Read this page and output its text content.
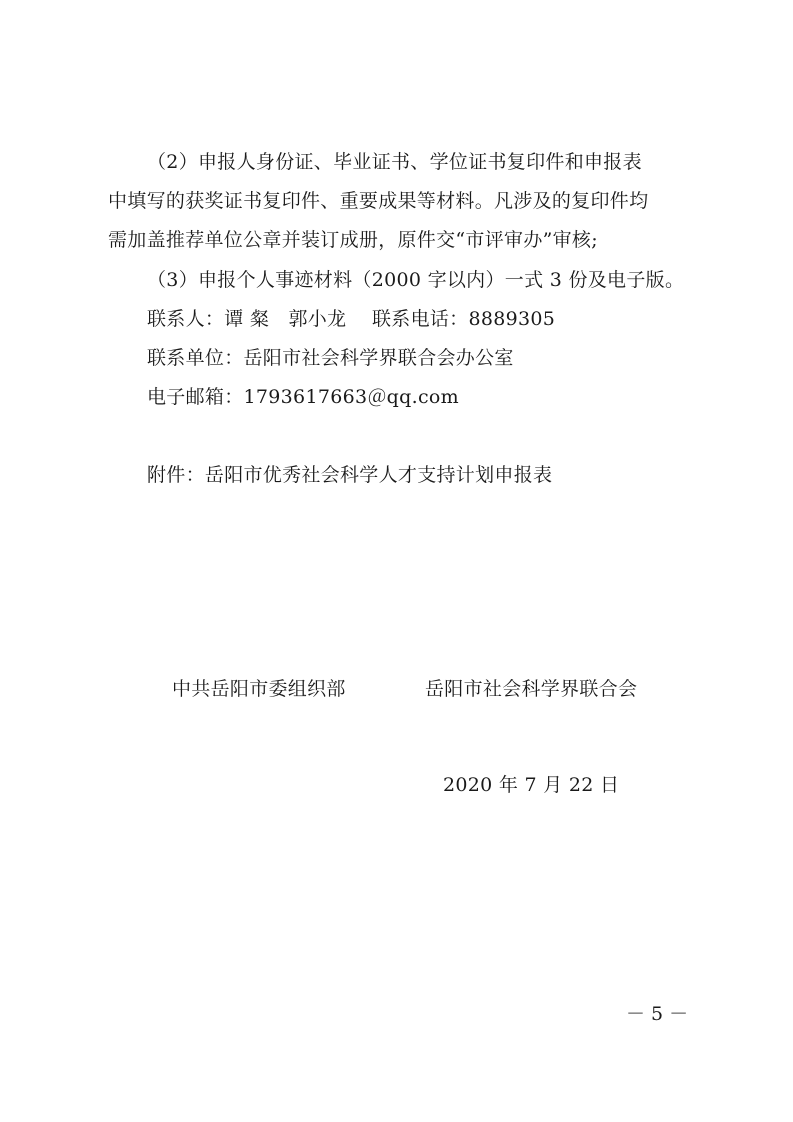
（2）申报人身份证、毕业证书、学位证书复印件和申报表
中填写的获奖证书复印件、重要成果等材料。凡涉及的复印件均
需加盖推荐单位公章并装订成册，原件交“市评审办”审核;
（3）申报个人事迹材料（2000 字以内）一式 3 份及电子版。
联系人：谭 粲　郭小龙　 联系电话：8889305
联系单位：岳阳市社会科学界联合会办公室
电子邮箱：1793617663＠qq.com
附件：岳阳市优秀社会科学人才支持计划申报表
中共岳阳市委组织部	岳阳市社会科学界联合会
2020 年 7 月 22 日
－ 5 －
